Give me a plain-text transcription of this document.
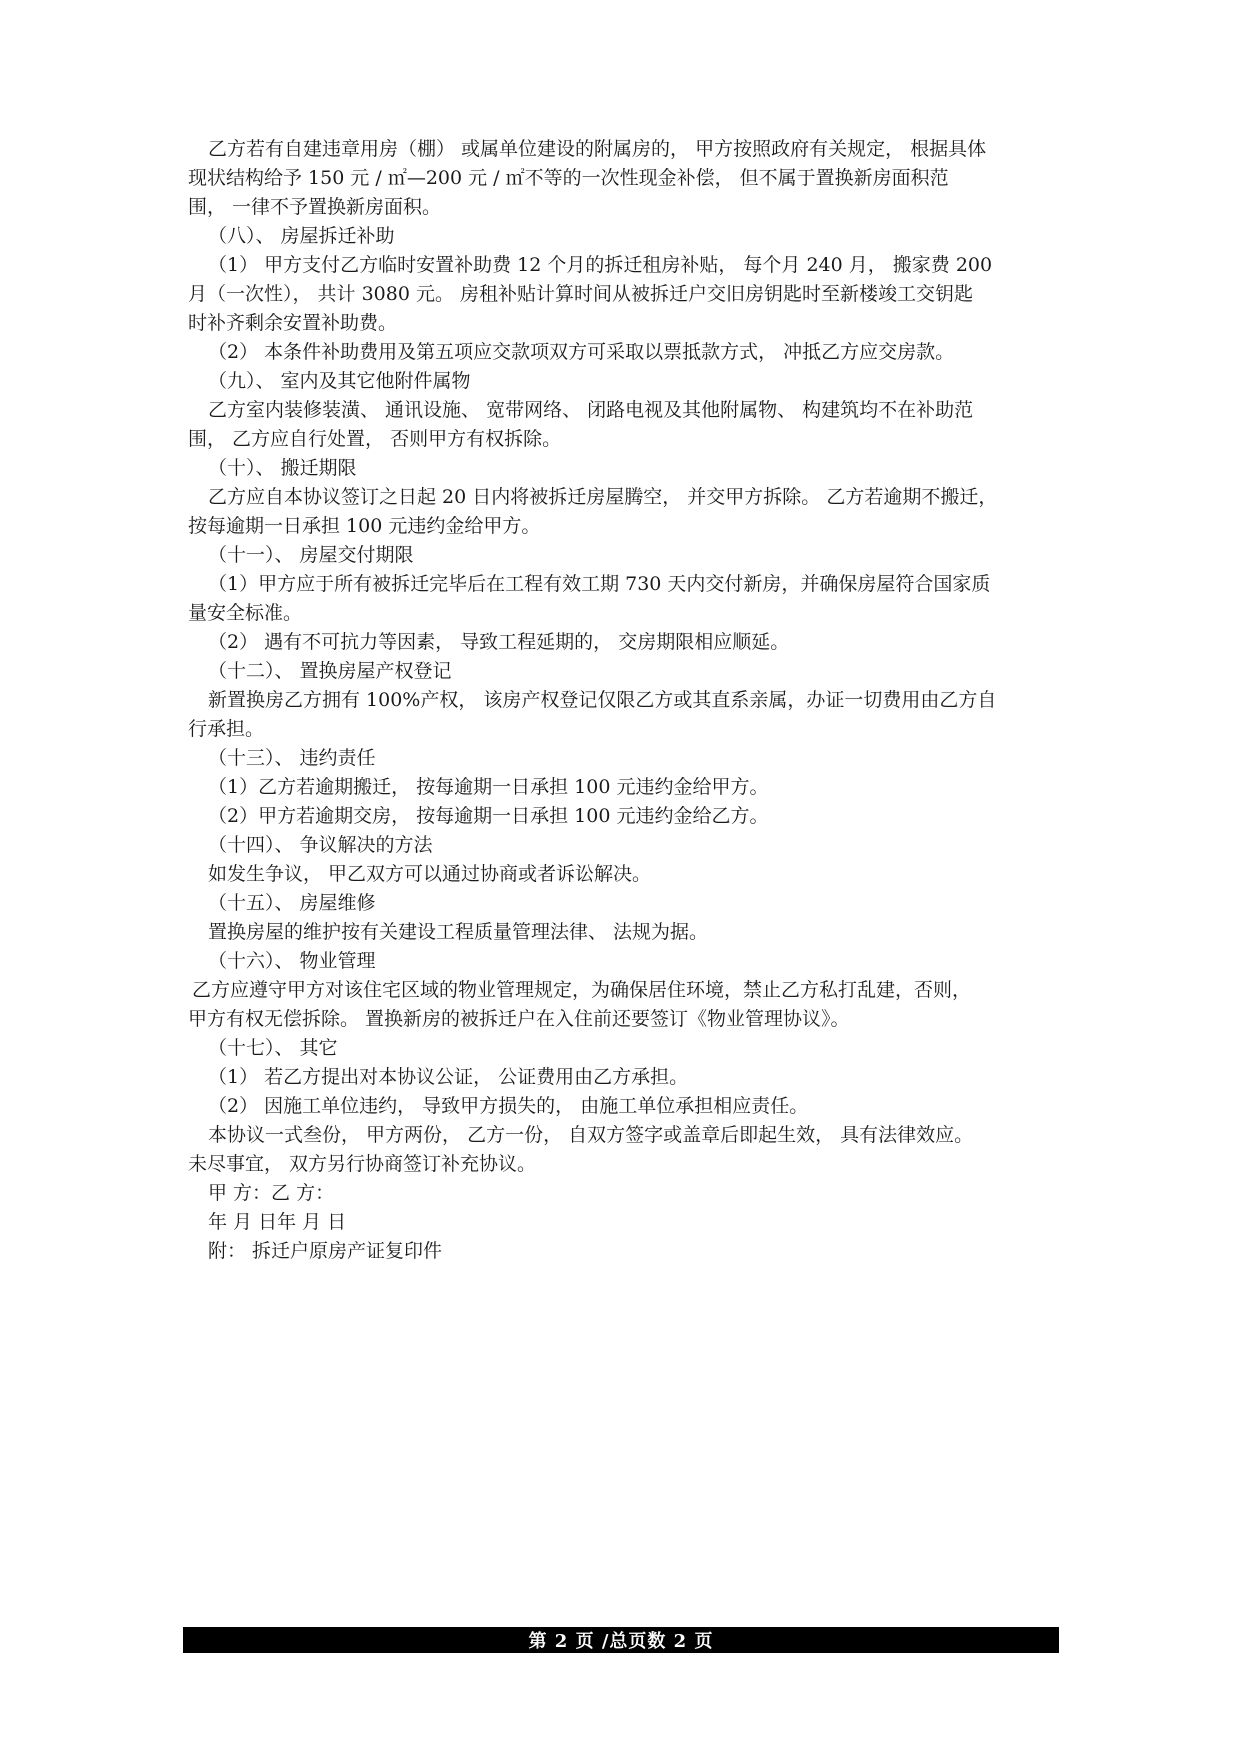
乙方若有自建违章用房（棚） 或属单位建设的附属房的， 甲方按照政府有关规定， 根据具体
现状结构给予 150 元 / ㎡—200 元 / ㎡不等的一次性现金补偿， 但不属于置换新房面积范
围， 一律不予置换新房面积。
（八）、 房屋拆迁补助
（1） 甲方支付乙方临时安置补助费 12 个月的拆迁租房补贴， 每个月 240 月， 搬家费 200
月（一次性）， 共计 3080 元。 房租补贴计算时间从被拆迁户交旧房钥匙时至新楼竣工交钥匙
时补齐剩余安置补助费。
（2） 本条件补助费用及第五项应交款项双方可采取以票抵款方式， 冲抵乙方应交房款。
（九）、 室内及其它他附件属物
乙方室内装修装潢、 通讯设施、 宽带网络、 闭路电视及其他附属物、 构建筑均不在补助范
围， 乙方应自行处置， 否则甲方有权拆除。
（十）、 搬迁期限
乙方应自本协议签订之日起 20 日内将被拆迁房屋腾空， 并交甲方拆除。 乙方若逾期不搬迁，
按每逾期一日承担 100 元违约金给甲方。
（十一）、 房屋交付期限
（1）甲方应于所有被拆迁完毕后在工程有效工期 730 天内交付新房，并确保房屋符合国家质
量安全标准。
（2） 遇有不可抗力等因素， 导致工程延期的， 交房期限相应顺延。
（十二）、 置换房屋产权登记
新置换房乙方拥有 100%产权， 该房产权登记仅限乙方或其直系亲属，办证一切费用由乙方自
行承担。
（十三）、 违约责任
（1）乙方若逾期搬迁， 按每逾期一日承担 100 元违约金给甲方。
（2）甲方若逾期交房， 按每逾期一日承担 100 元违约金给乙方。
（十四）、 争议解决的方法
如发生争议， 甲乙双方可以通过协商或者诉讼解决。
（十五）、 房屋维修
置换房屋的维护按有关建设工程质量管理法律、 法规为据。
（十六）、 物业管理
乙方应遵守甲方对该住宅区域的物业管理规定，为确保居住环境，禁止乙方私打乱建，否则，
甲方有权无偿拆除。 置换新房的被拆迁户在入住前还要签订《物业管理协议》。
（十七）、 其它
（1） 若乙方提出对本协议公证， 公证费用由乙方承担。
（2） 因施工单位违约， 导致甲方损失的， 由施工单位承担相应责任。
本协议一式叁份， 甲方两份， 乙方一份， 自双方签字或盖章后即起生效， 具有法律效应。
未尽事宜， 双方另行协商签订补充协议。
甲 方：乙 方：
年 月 日年 月 日
附： 拆迁户原房产证复印件
第 2 页 /总页数 2 页
